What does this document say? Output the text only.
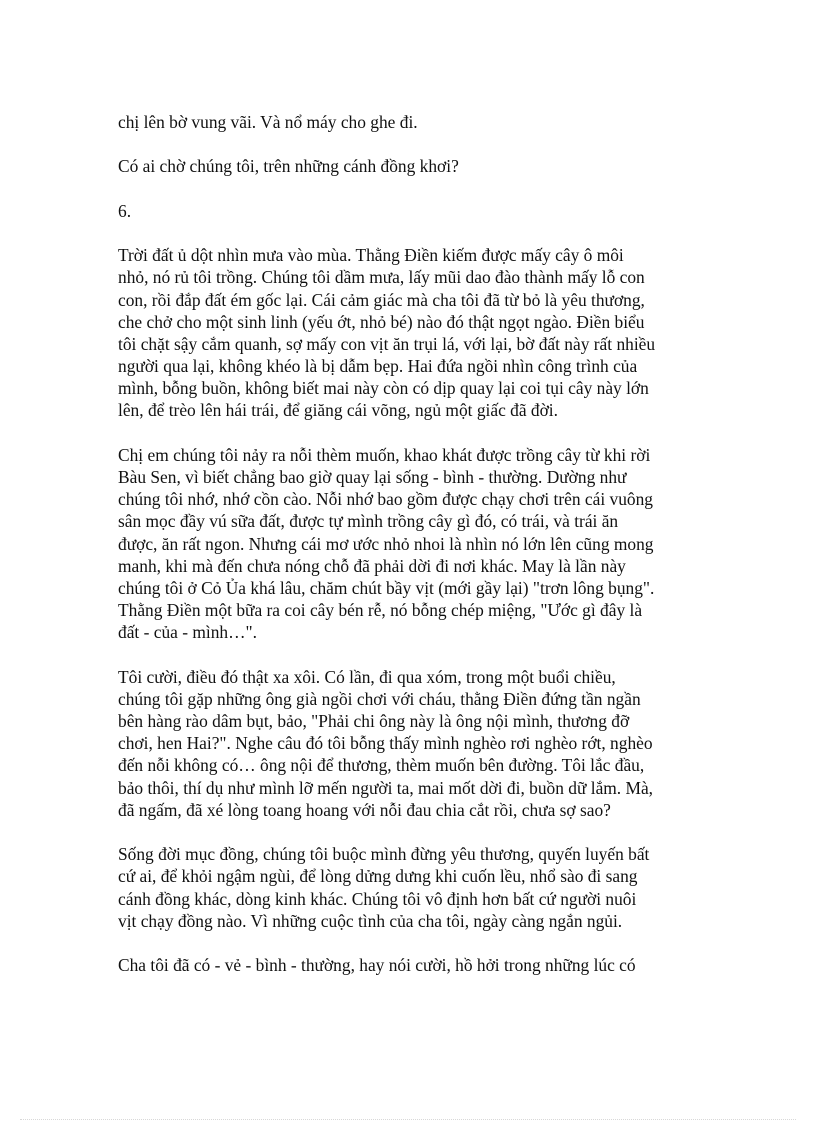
chị lên bờ vung vãi. Và nổ máy cho ghe đi.
Có ai chờ chúng tôi, trên những cánh đồng khơi?
6.
Trời đất ủ dột nhìn mưa vào mùa. Thằng Điền kiếm được mấy cây ô môi
nhỏ, nó rủ tôi trồng. Chúng tôi dầm mưa, lấy mũi dao đào thành mấy lỗ con
con, rồi đắp đất ém gốc lại. Cái cảm giác mà cha tôi đã từ bỏ là yêu thương,
che chở cho một sinh linh (yếu ớt, nhỏ bé) nào đó thật ngọt ngào. Điền biểu
tôi chặt sậy cắm quanh, sợ mấy con vịt ăn trụi lá, với lại, bờ đất này rất nhiều
người qua lại, không khéo là bị dẫm bẹp. Hai đứa ngồi nhìn công trình của
mình, bỗng buồn, không biết mai này còn có dịp quay lại coi tụi cây này lớn
lên, để trèo lên hái trái, để giăng cái võng, ngủ một giấc đã đời.
Chị em chúng tôi nảy ra nỗi thèm muốn, khao khát được trồng cây từ khi rời
Bàu Sen, vì biết chẳng bao giờ quay lại sống - bình - thường. Dường như
chúng tôi nhớ, nhớ cồn cào. Nỗi nhớ bao gồm được chạy chơi trên cái vuông
sân mọc đầy vú sữa đất, được tự mình trồng cây gì đó, có trái, và trái ăn
được, ăn rất ngon. Nhưng cái mơ ước nhỏ nhoi là nhìn nó lớn lên cũng mong
manh, khi mà đến chưa nóng chỗ đã phải dời đi nơi khác. May là lần này
chúng tôi ở Cỏ Ủa khá lâu, chăm chút bầy vịt (mới gầy lại) "trơn lông bụng".
Thằng Điền một bữa ra coi cây bén rễ, nó bỗng chép miệng, "Ước gì đây là
đất - của - mình…".
Tôi cười, điều đó thật xa xôi. Có lần, đi qua xóm, trong một buổi chiều,
chúng tôi gặp những ông già ngồi chơi với cháu, thằng Điền đứng tần ngần
bên hàng rào dâm bụt, bảo, "Phải chi ông này là ông nội mình, thương đỡ
chơi, hen Hai?". Nghe câu đó tôi bỗng thấy mình nghèo rơi nghèo rớt, nghèo
đến nỗi không có… ông nội để thương, thèm muốn bên đường. Tôi lắc đầu,
bảo thôi, thí dụ như mình lỡ mến người ta, mai mốt dời đi, buồn dữ lắm. Mà,
đã ngấm, đã xé lòng toang hoang với nỗi đau chia cắt rồi, chưa sợ sao?
Sống đời mục đồng, chúng tôi buộc mình đừng yêu thương, quyến luyến bất
cứ ai, để khỏi ngậm ngùi, để lòng dửng dưng khi cuốn lều, nhổ sào đi sang
cánh đồng khác, dòng kinh khác. Chúng tôi vô định hơn bất cứ người nuôi
vịt chạy đồng nào. Vì những cuộc tình của cha tôi, ngày càng ngắn ngủi.
Cha tôi đã có - vẻ - bình - thường, hay nói cười, hồ hởi trong những lúc có
